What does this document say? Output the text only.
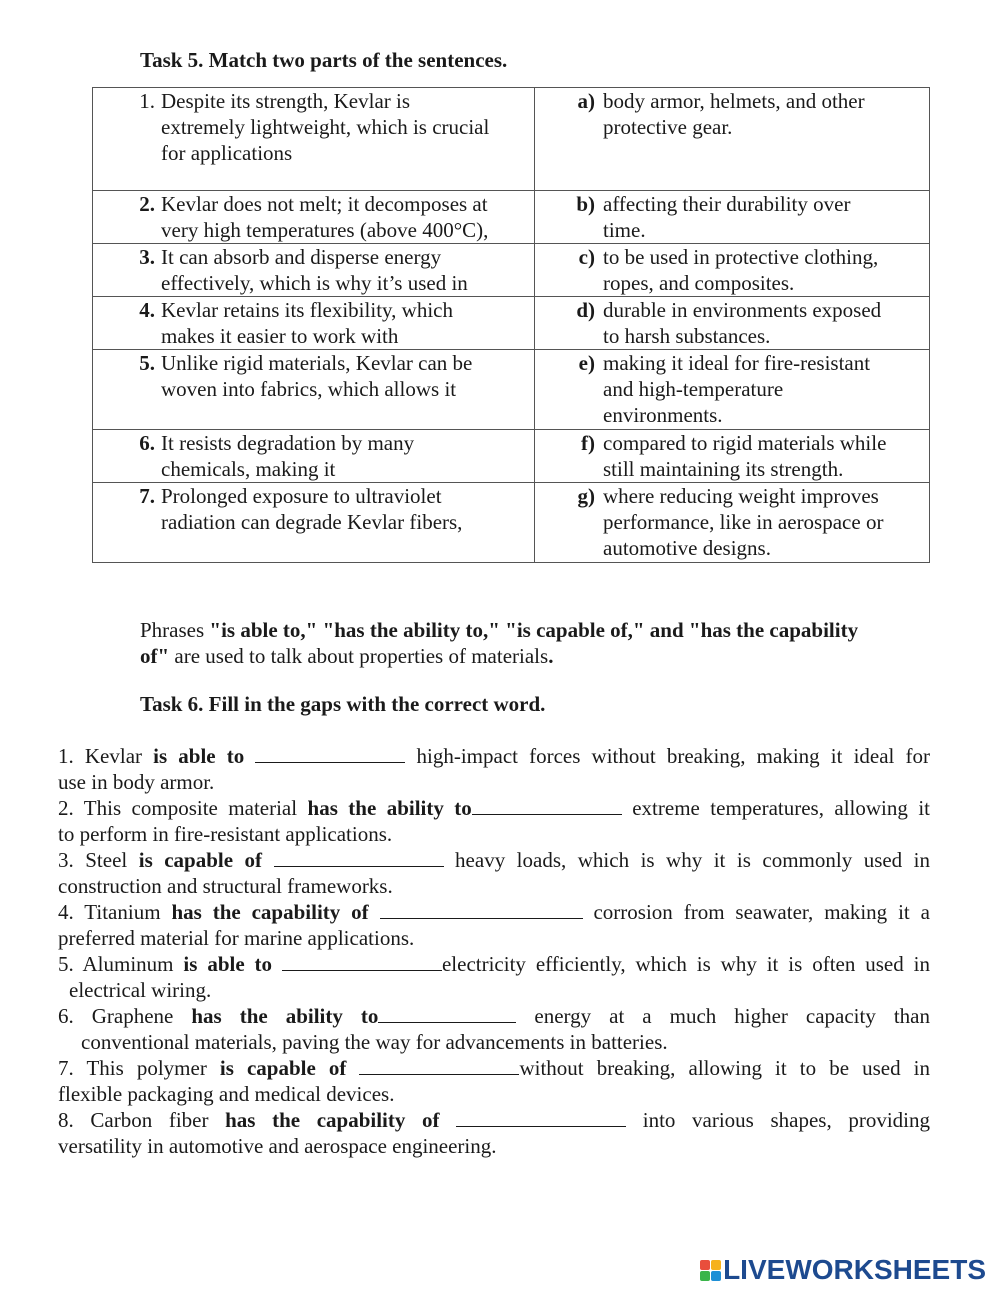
Task 5. Match two parts of the sentences.
1. Despite its strength, Kevlar is
extremely lightweight, which is crucial
for applications	a) body armor, helmets, and other
protective gear.

2. Kevlar does not melt; it decomposes at
very high temperatures (above 400°C),	b) affecting their durability over
time.

3. It can absorb and disperse energy
effectively, which is why it’s used in	c) to be used in protective clothing,
ropes, and composites.

4. Kevlar retains its flexibility, which
makes it easier to work with	d) durable in environments exposed
to harsh substances.

5. Unlike rigid materials, Kevlar can be
woven into fabrics, which allows it	e) making it ideal for fire-resistant
and high-temperature
environments.

6. It resists degradation by many
chemicals, making it	f) compared to rigid materials while
still maintaining its strength.

7. Prolonged exposure to ultraviolet
radiation can degrade Kevlar fibers,	g) where reducing weight improves
performance, like in aerospace or
automotive designs.
Phrases "is able to," "has the ability to," "is capable of," and "has the capability
of" are used to talk about properties of materials.
Task 6. Fill in the gaps with the correct word.
1. Kevlar is able to	high-impact forces without breaking, making it ideal for
use in body armor.
2. This composite material has the ability to	extreme temperatures, allowing it
to perform in fire-resistant applications.
3. Steel is capable of	heavy loads, which is why it is commonly used in
construction and structural frameworks.
4. Titanium has the capability of	corrosion from seawater, making it a
preferred material for marine applications.
5. Aluminum is able to	electricity efficiently, which is why it is often used in
electrical wiring.
6. Graphene has the ability to	energy at a much higher capacity than
conventional materials, paving the way for advancements in batteries.
7. This polymer is capable of	without breaking, allowing it to be used in
flexible packaging and medical devices.
8. Carbon fiber has the capability of	into various shapes, providing
versatility in automotive and aerospace engineering.
LIVEWORKSHEETS
